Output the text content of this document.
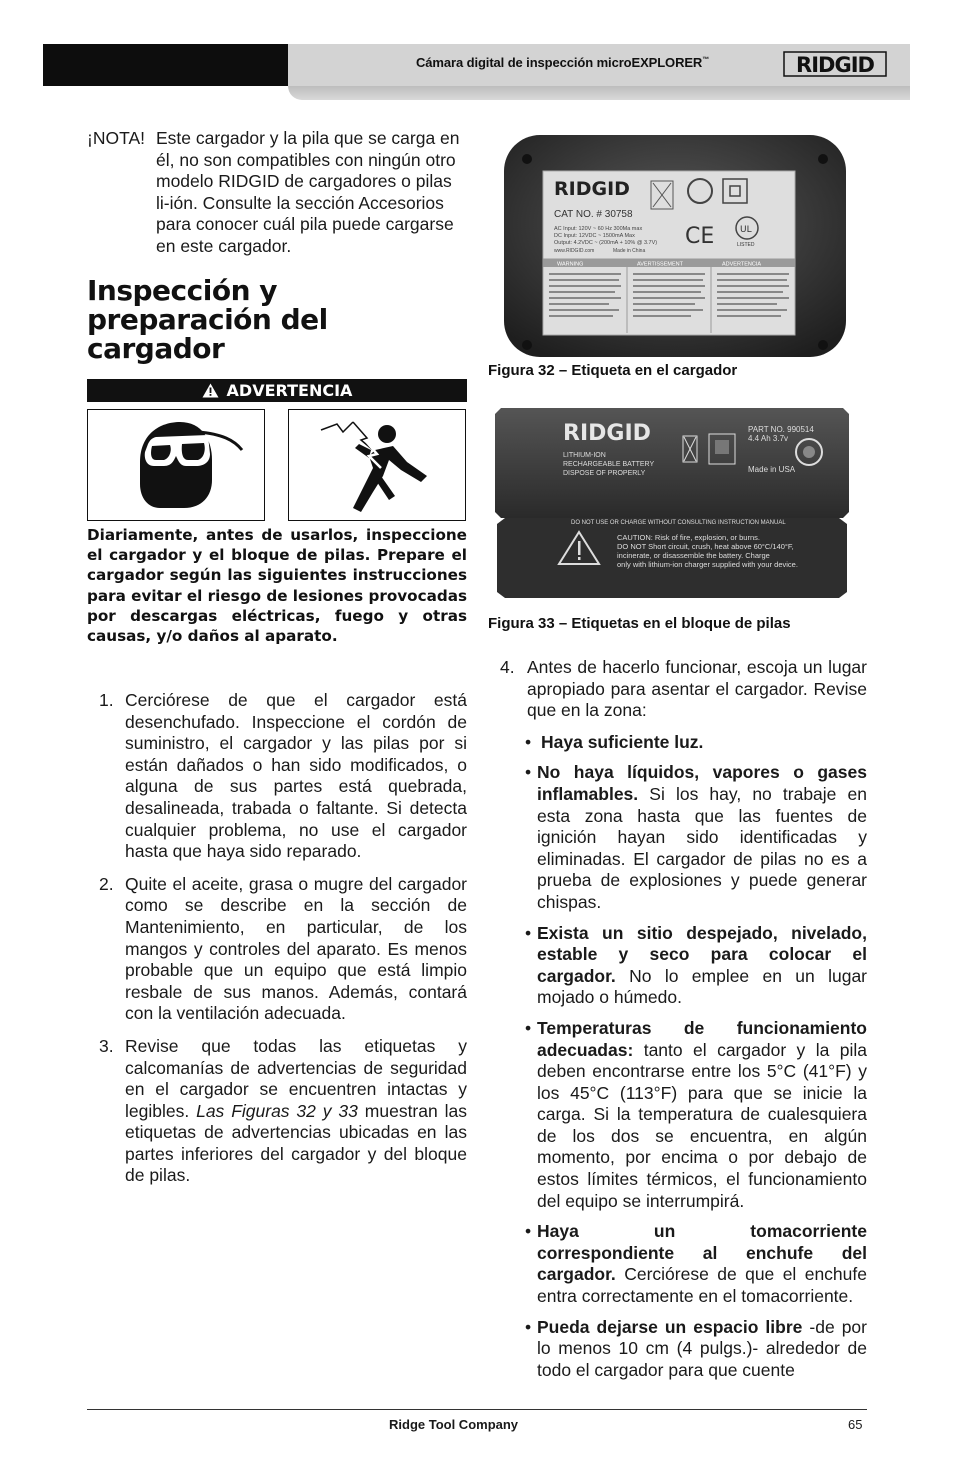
Cámara digital de inspección microEXPLORER™	RIDGID
¡NOTA! Este cargador y la pila que se carga en él, no son compatibles con ningún otro modelo RIDGID de cargadores o pilas li-ión. Consulte la sección Accesorios para conocer cuál pila puede cargarse en este cargador.
Inspección y
preparación del
cargador
ADVERTENCIA
Diariamente, antes de usarlos, inspeccione el cargador y el bloque de pilas. Prepare el cargador según las siguientes instrucciones para evitar el riesgo de lesiones provocadas por descargas eléctricas, fuego y otras causas, y/o daños al aparato.
1. Cerciórese de que el cargador está desenchufado. Inspeccione el cordón de suministro, el cargador y las pilas por si están dañados o han sido modificados, o alguna de sus partes está quebrada, desalineada, trabada o faltante. Si detecta cualquier problema, no use el cargador hasta que haya sido reparado.
2. Quite el aceite, grasa o mugre del cargador como se describe en la sección de Mantenimiento, en particular, de los mangos y controles del aparato. Es menos probable que un equipo que está limpio resbale de sus manos. Además, contará con la ventilación adecuada.
3. Revise que todas las etiquetas y calcomanías de advertencias de seguridad en el cargador se encuentren intactas y legibles. Las Figuras 32 y 33 muestran las etiquetas de advertencias ubicadas en las partes inferiores del cargador y del bloque de pilas.
RIDGID
CAT NO. # 30758
AC Input: 120V ~ 60 Hz 300Ma max
DC Input: 12VDC ~ 1500mA Max
Output: 4.2VDC ~ (200mA + 10% @ 3.7V)
www.RIDGID.com	Made in China
CE	UL
LISTED
WARNING	AVERTISSEMENT	ADVERTENCIA
Figura 32 – Etiqueta en el cargador
RIDGID
LITHIUM-ION
RECHARGEABLE BATTERY
DISPOSE OF PROPERLY
PART NO. 990514
4.4 Ah 3.7v
Made in USA
DO NOT USE OR CHARGE WITHOUT CONSULTING INSTRUCTION MANUAL
CAUTION: Risk of fire, explosion, or burns.
DO NOT Short circuit, crush, heat above 60°C/140°F,
incinerate, or disassemble the battery. Charge
only with lithium-ion charger supplied with your device.
Figura 33 – Etiquetas en el bloque de pilas
4. Antes de hacerlo funcionar, escoja un lugar apropiado para asentar el cargador. Revise que en la zona:
• Haya suficiente luz.
• No haya líquidos, vapores o gases inflamables. Si los hay, no trabaje en esta zona hasta que las fuentes de ignición hayan sido identificadas y eliminadas. El cargador de pilas no es a prueba de explosiones y puede generar chispas.
• Exista un sitio despejado, nivelado, estable y seco para colocar el cargador. No lo emplee en un lugar mojado o húmedo.
• Temperaturas de funcionamiento adecuadas: tanto el cargador y la pila deben encontrarse entre los 5°C (41°F) y los 45°C (113°F) para que se inicie la carga. Si la temperatura de cualesquiera de los dos se encuentra, en algún momento, por encima o por debajo de estos límites térmicos, el funcionamiento del equipo se interrumpirá.
• Haya un tomacorriente correspondiente al enchufe del cargador. Cerciórese de que el enchufe entra correctamente en el tomacorriente.
• Pueda dejarse un espacio libre -de por lo menos 10 cm (4 pulgs.)- alrededor de todo el cargador para que cuente
Ridge Tool Company	65
